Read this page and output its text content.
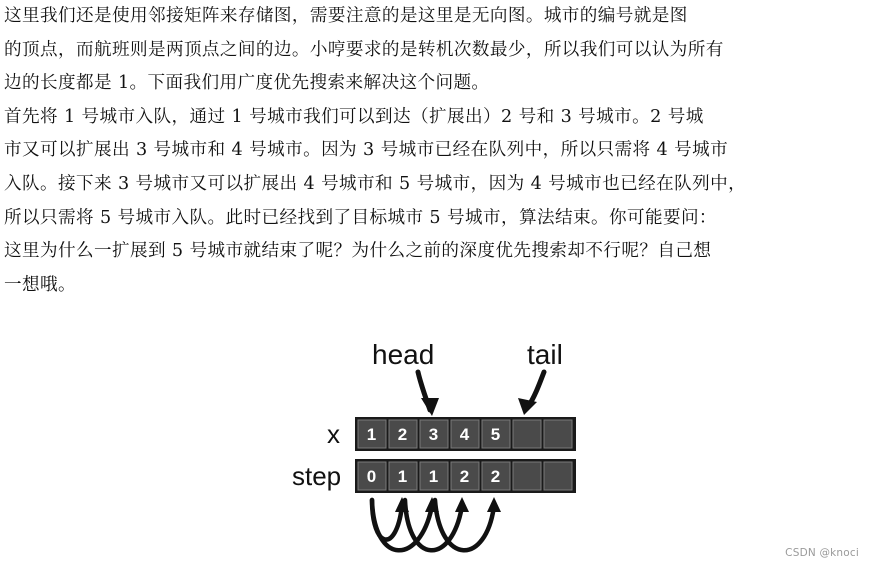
这里我们还是使用邻接矩阵来存储图，需要注意的是这里是无向图。城市的编号就是图
的顶点，而航班则是两顶点之间的边。小哼要求的是转机次数最少，所以我们可以认为所有
边的长度都是 1。下面我们用广度优先搜索来解决这个问题。
首先将 1 号城市入队，通过 1 号城市我们可以到达（扩展出）2 号和 3 号城市。2 号城
市又可以扩展出 3 号城市和 4 号城市。因为 3 号城市已经在队列中，所以只需将 4 号城市
入队。接下来 3 号城市又可以扩展出 4 号城市和 5 号城市，因为 4 号城市也已经在队列中，
所以只需将 5 号城市入队。此时已经找到了目标城市 5 号城市，算法结束。你可能要问：
这里为什么一扩展到 5 号城市就结束了呢？为什么之前的深度优先搜索却不行呢？自己想
一想哦。
head	tail
x
step
1 2 3 4 5
0 1 1 2 2
CSDN @knoci
